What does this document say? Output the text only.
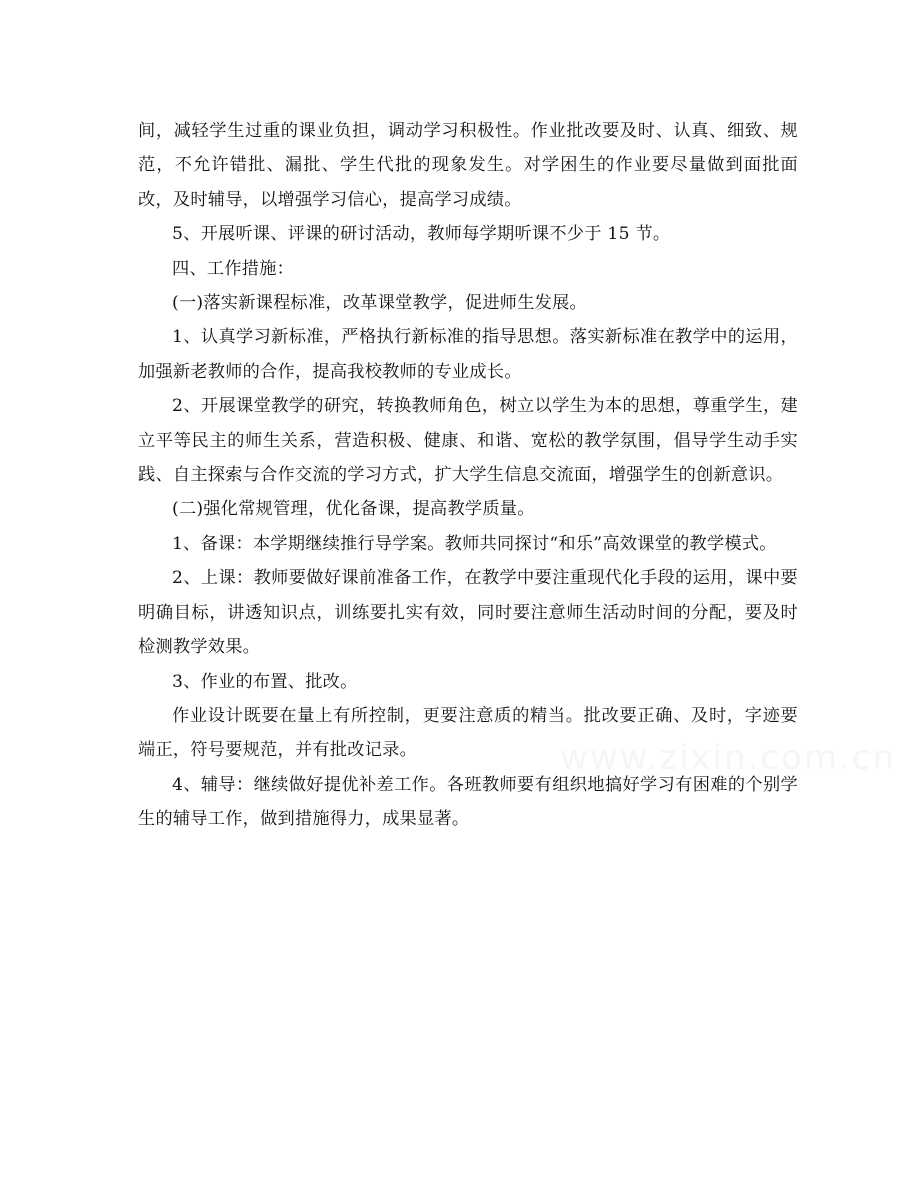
间，减轻学生过重的课业负担，调动学习积极性。作业批改要及时、认真、细致、规范，不允许错批、漏批、学生代批的现象发生。对学困生的作业要尽量做到面批面改，及时辅导，以增强学习信心，提高学习成绩。

5、开展听课、评课的研讨活动，教师每学期听课不少于 15 节。

四、工作措施：

(一)落实新课程标准，改革课堂教学，促进师生发展。

1、认真学习新标准，严格执行新标准的指导思想。落实新标准在教学中的运用，加强新老教师的合作，提高我校教师的专业成长。

2、开展课堂教学的研究，转换教师角色，树立以学生为本的思想，尊重学生，建立平等民主的师生关系，营造积极、健康、和谐、宽松的教学氛围，倡导学生动手实践、自主探索与合作交流的学习方式，扩大学生信息交流面，增强学生的创新意识。

(二)强化常规管理，优化备课，提高教学质量。

1、备课：本学期继续推行导学案。教师共同探讨“和乐”高效课堂的教学模式。

2、上课：教师要做好课前准备工作，在教学中要注重现代化手段的运用，课中要明确目标，讲透知识点，训练要扎实有效，同时要注意师生活动时间的分配，要及时检测教学效果。

3、作业的布置、批改。

作业设计既要在量上有所控制，更要注意质的精当。批改要正确、及时，字迹要端正，符号要规范，并有批改记录。

4、辅导：继续做好提优补差工作。各班教师要有组织地搞好学习有困难的个别学生的辅导工作，做到措施得力，成果显著。
